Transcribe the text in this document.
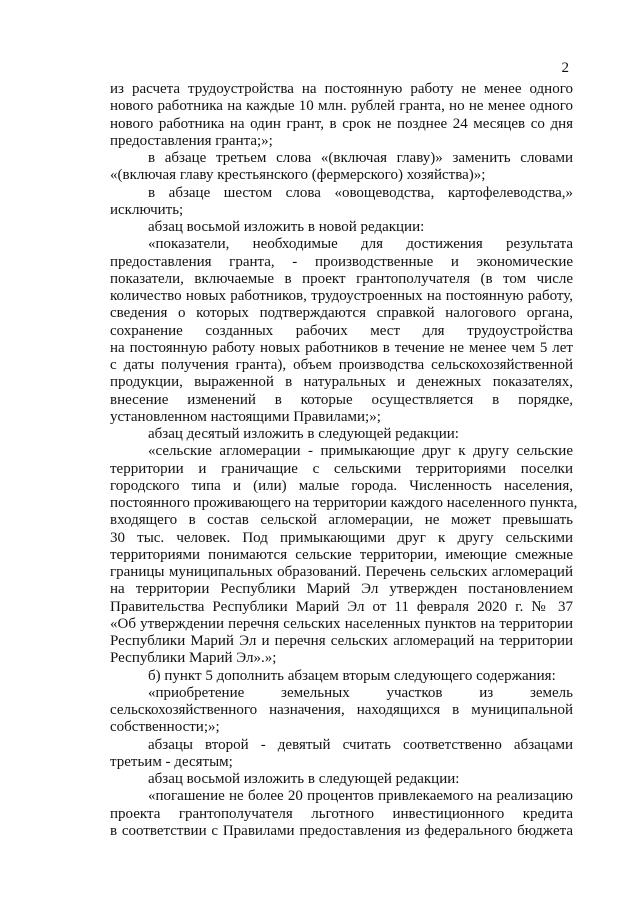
2
из расчета трудоустройства на постоянную работу не менее одного
нового работника на каждые 10 млн. рублей гранта, но не менее одного
нового работника на один грант, в срок не позднее 24 месяцев со дня
предоставления гранта;»;
в абзаце третьем слова «(включая главу)» заменить словами
«(включая главу крестьянского (фермерского) хозяйства)»;
в абзаце шестом слова «овощеводства, картофелеводства,»
исключить;
абзац восьмой изложить в новой редакции:
«показатели, необходимые для достижения результата
предоставления гранта, - производственные и экономические
показатели, включаемые в проект грантополучателя (в том числе
количество новых работников, трудоустроенных на постоянную работу,
сведения о которых подтверждаются справкой налогового органа,
сохранение созданных рабочих мест для трудоустройства
на постоянную работу новых работников в течение не менее чем 5 лет
с даты получения гранта), объем производства сельскохозяйственной
продукции, выраженной в натуральных и денежных показателях,
внесение изменений в которые осуществляется в порядке,
установленном настоящими Правилами;»;
абзац десятый изложить в следующей редакции:
«сельские агломерации - примыкающие друг к другу сельские
территории и граничащие с сельскими территориями поселки
городского типа и (или) малые города. Численность населения,
постоянного проживающего на территории каждого населенного пункта,
входящего в состав сельской агломерации, не может превышать
30 тыс. человек. Под примыкающими друг к другу сельскими
территориями понимаются сельские территории, имеющие смежные
границы муниципальных образований. Перечень сельских агломераций
на территории Республики Марий Эл утвержден постановлением
Правительства Республики Марий Эл от 11 февраля 2020 г. № 37
«Об утверждении перечня сельских населенных пунктов на территории
Республики Марий Эл и перечня сельских агломераций на территории
Республики Марий Эл».»;
б) пункт 5 дополнить абзацем вторым следующего содержания:
«приобретение земельных участков из земель
сельскохозяйственного назначения, находящихся в муниципальной
собственности;»;
абзацы второй - девятый считать соответственно абзацами
третьим - десятым;
абзац восьмой изложить в следующей редакции:
«погашение не более 20 процентов привлекаемого на реализацию
проекта грантополучателя льготного инвестиционного кредита
в соответствии с Правилами предоставления из федерального бюджета
